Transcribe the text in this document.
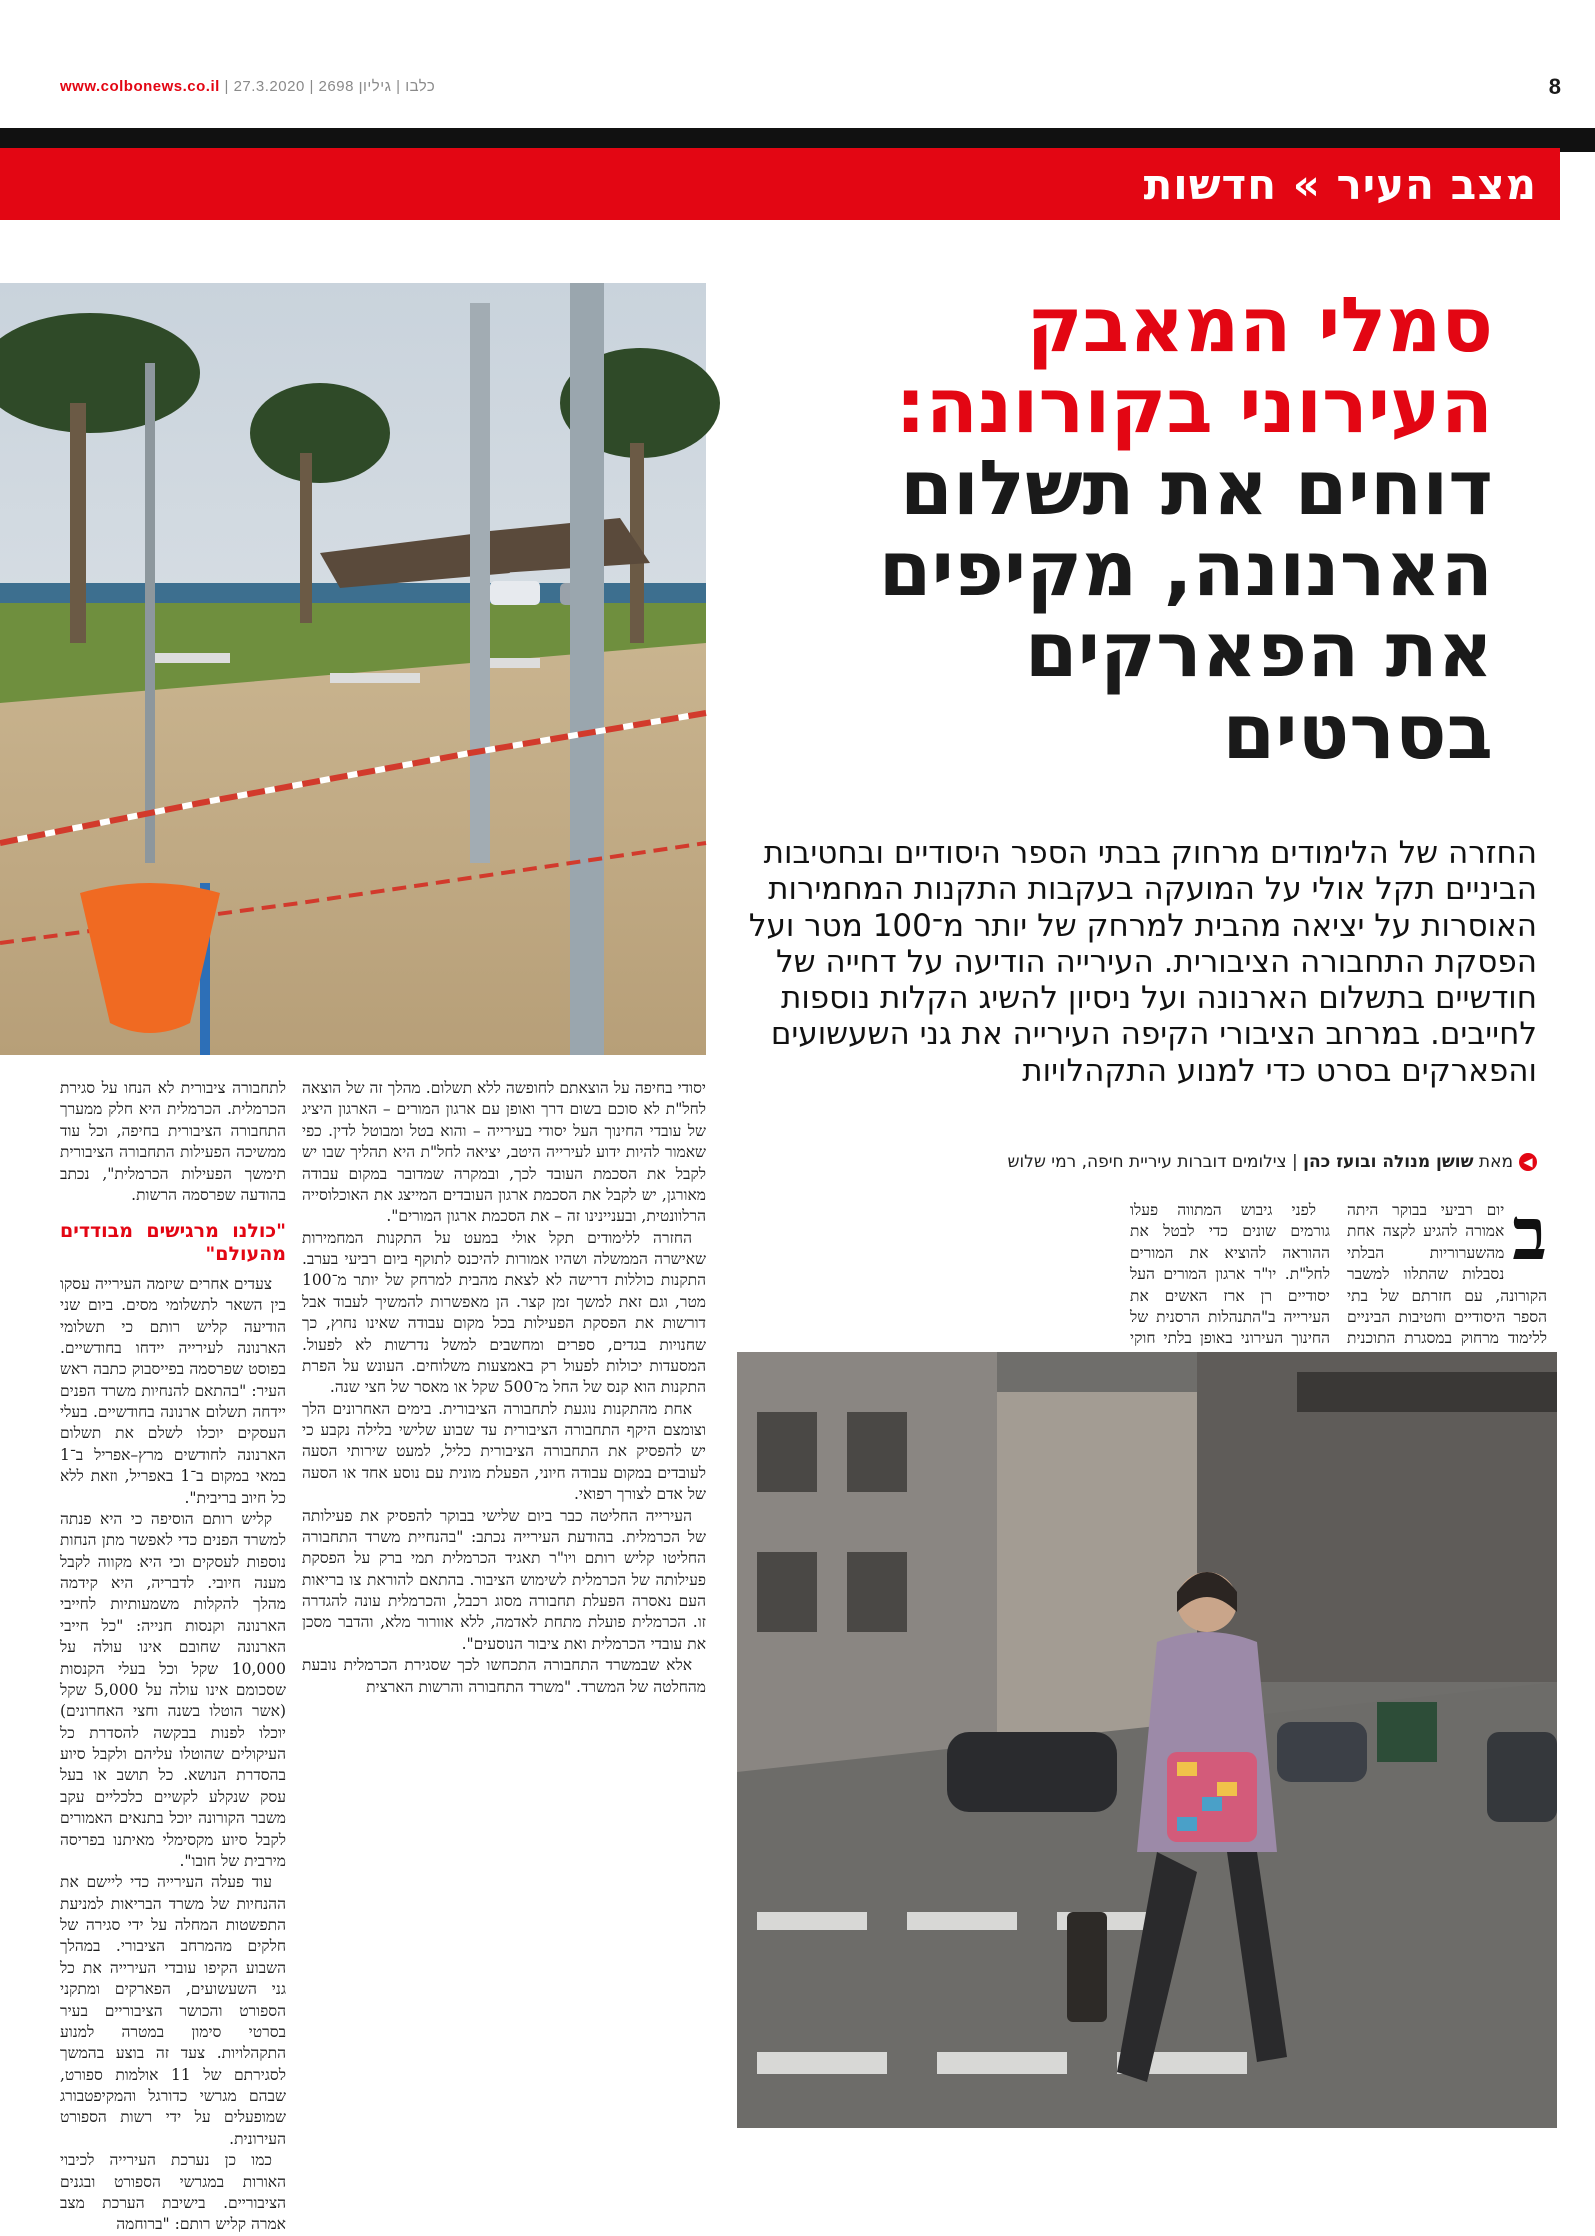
www.colbonews.co.il |	כלבו | גיליון 2698 | 27.3.2020	8
מצב העיר » חדשות
סמלי המאבק
העירוני בקורונה:
דוחים את תשלום
הארנונה, מקיפים
את הפארקים
בסרטים
החזרה של הלימודים מרחוק בבתי הספר היסודיים ובחטיבות הביניים תקל אולי על המועקה בעקבות התקנות המחמירות האוסרות על יציאה מהבית למרחק של יותר מ־100 מטר ועל הפסקת התחבורה הציבורית. העירייה הודיעה על דחייה של חודשיים בתשלום הארנונה ועל ניסיון להשיג הקלות נוספות לחייבים. במרחב הציבורי הקיפה העירייה את גני השעשועים והפארקים בסרט כדי למנוע התקהלויות
◀מאת שושן מנולה ובועז כהן | צילומים דוברות עיריית חיפה, רמי שלוש
ב

יום רביעי בבוקר היתה אמורה להגיע לקצה אחת מהשערוריות הבלתי נסבלות שהתלוו למשבר הקורונה, עם חזרתם של בתי הספר היסודיים וחטיבות הביניים ללימוד מרחוק במסגרת התוכנית

לפני גיבוש המתווה פעלו גורמים שונים כדי לבטל את ההוראה להוציא את המורים לחל"ת. יו"ר ארגון המורים העל יסודיים רן ארז האשים את העירייה ב"התנהלות הרסנית של החינוך העירוני באופן בלתי חוקי

יסודי בחיפה על הוצאתם לחופשה ללא תשלום. מהלך זה של הוצאה לחל"ת לא סוכם בשום דרך ואופן עם ארגון המורים – הארגון היציג של עובדי החינוך העל יסודי בעירייה – והוא בטל ומבוטל לדין. כפי שאמור להיות ידוע לעירייה היטב, יציאה לחל"ת היא תהליך שבו יש לקבל את הסכמת העובד לכך, ובמקרה שמדובר במקום עבודה מאורגן, יש לקבל את הסכמת ארגון העובדים המייצג את האוכלוסייה הרלוונטית, ובעניינינו זה – את הסכמת ארגון המורים".

החזרה ללימודים תקל אולי במעט על התקנות המחמירות שאישרה הממשלה ושהיו אמורות להיכנס לתוקף ביום רביעי בערב. התקנות כוללות דרישה לא לצאת מהבית למרחק של יותר מ־100 מטר, וגם זאת למשך זמן קצר. הן מאפשרות להמשיך לעבוד אבל דורשות את הפסקת הפעילות בכל מקום עבודה שאינו נחוץ, כך שחנויות בגדים, ספרים ומחשבים למשל נדרשות לא לפעול. המסעדות יכולות לפעול רק באמצעות משלוחים. העונש על הפרת התקנות הוא קנס של החל מ־500 שקל או מאסר של חצי שנה.

אחת מהתקנות נוגעת לתחבורה הציבורית. בימים האחרונים הלך וצומצם היקף התחבורה הציבורית עד שבוע שלישי בלילה נקבע כי יש להפסיק את התחבורה הציבורית כליל, למעט שירותי הסעה לעובדים במקום עבודה חיוני, הפעלת מונית עם נוסע אחד או הסעה של אדם לצורך רפואי.

העירייה החליטה כבר ביום שלישי בבוקר להפסיק את פעילותה של הכרמלית. בהודעת העירייה נכתב: "בהנחיית משרד התחבורה החליטו קליש רותם ויו"ר תאגיד הכרמלית תמי ברק על הפסקת פעילותה של הכרמלית לשימוש הציבור. בהתאם להוראת צו בריאות העם נאסרה הפעלת תחבורה מסוג רכבל, והכרמלית עונה להגדרה זו. הכרמלית פועלת מתחת לאדמה, ללא אוורור מלא, והדבר מסכן את עובדי הכרמלית ואת ציבור הנוסעים".

אלא שבמשרד התחבורה התכחשו לכך שסגירת הכרמלית נובעת מהחלטה של המשרד. "משרד התחבורה והרשות הארצית

לתחבורה ציבורית לא הנחו על סגירת הכרמלית. הכרמלית היא חלק ממערך התחבורה הציבורית בחיפה, וכל עוד ממשיכה הפעילות התחבורה הציבורית תימשך הפעילות הכרמלית", נכתב בהודעה שפרסמה הרשות.

"כולנו מרגישים מבודדים מהעולם"

צעדים אחרים שיזמה העירייה עסקו בין השאר לתשלומי מסים. ביום שני הודיעה קליש רותם כי תשלומי הארנונה לעירייה יידחו בחודשיים. בפוסט שפרסמה בפייסבוק כתבה ראש העיר: "בהתאם להנחיות משרד הפנים יידחה תשלום ארנונה בחודשיים. בעלי העסקים יוכלו לשלם את תשלום הארנונה לחודשים מרץ–אפריל ב־1 במאי במקום ב־1 באפריל, וזאת ללא כל חיוב בריבית".

קליש רותם הוסיפה כי היא פנתה למשרד הפנים כדי לאפשר מתן הנחות נוספות לעסקים וכי היא מקווה לקבל מענה חיובי. לדבריה, היא קידמה מהלך להקלות משמעותיות לחייבי הארנונה וקנסות חנייה: "כל חייבי הארנונה שחובם אינו עולה על 10,000 שקל וכל בעלי הקנסות שסכומם אינו עולה על 5,000 שקל (אשר הוטלו בשנה וחצי האחרונים) יוכלו לפנות בבקשה להסדרת כל העיקולים שהוטלו עליהם ולקבל סיוע בהסדרת הנושא. כל תושב או בעל עסק שנקלע לקשיים כלכליים עקב משבר הקורונה יוכל בתנאים האמורים לקבל סיוע מקסימלי מאיתנו בפריסה מירבית של חובו".

עוד פעלה העירייה כדי ליישם את ההנחיות של משרד הבריאות למניעת התפשטות המחלה על ידי סגירה של חלקים מהמרחב הציבורי. במהלך השבוע הקיפו עובדי העירייה את כל גני השעשועים, הפארקים ומתקני הספורט והכושר הציבוריים בעיר בסרטי סימון במטרה למנוע התקהלויות. צעד זה בוצע בהמשך לסגירתם של 11 אולמות ספורט, שבהם מגרשי כדורגל והמקיפטבורג שמופעלים על ידי רשות הספורט העירונית.

כמו כן נערכת העירייה לכיבוי האורות במגרשי הספורט ובגנים הציבוריים. בישיבת הערכת מצב אמרה קליש רותם: "ברוחמה
